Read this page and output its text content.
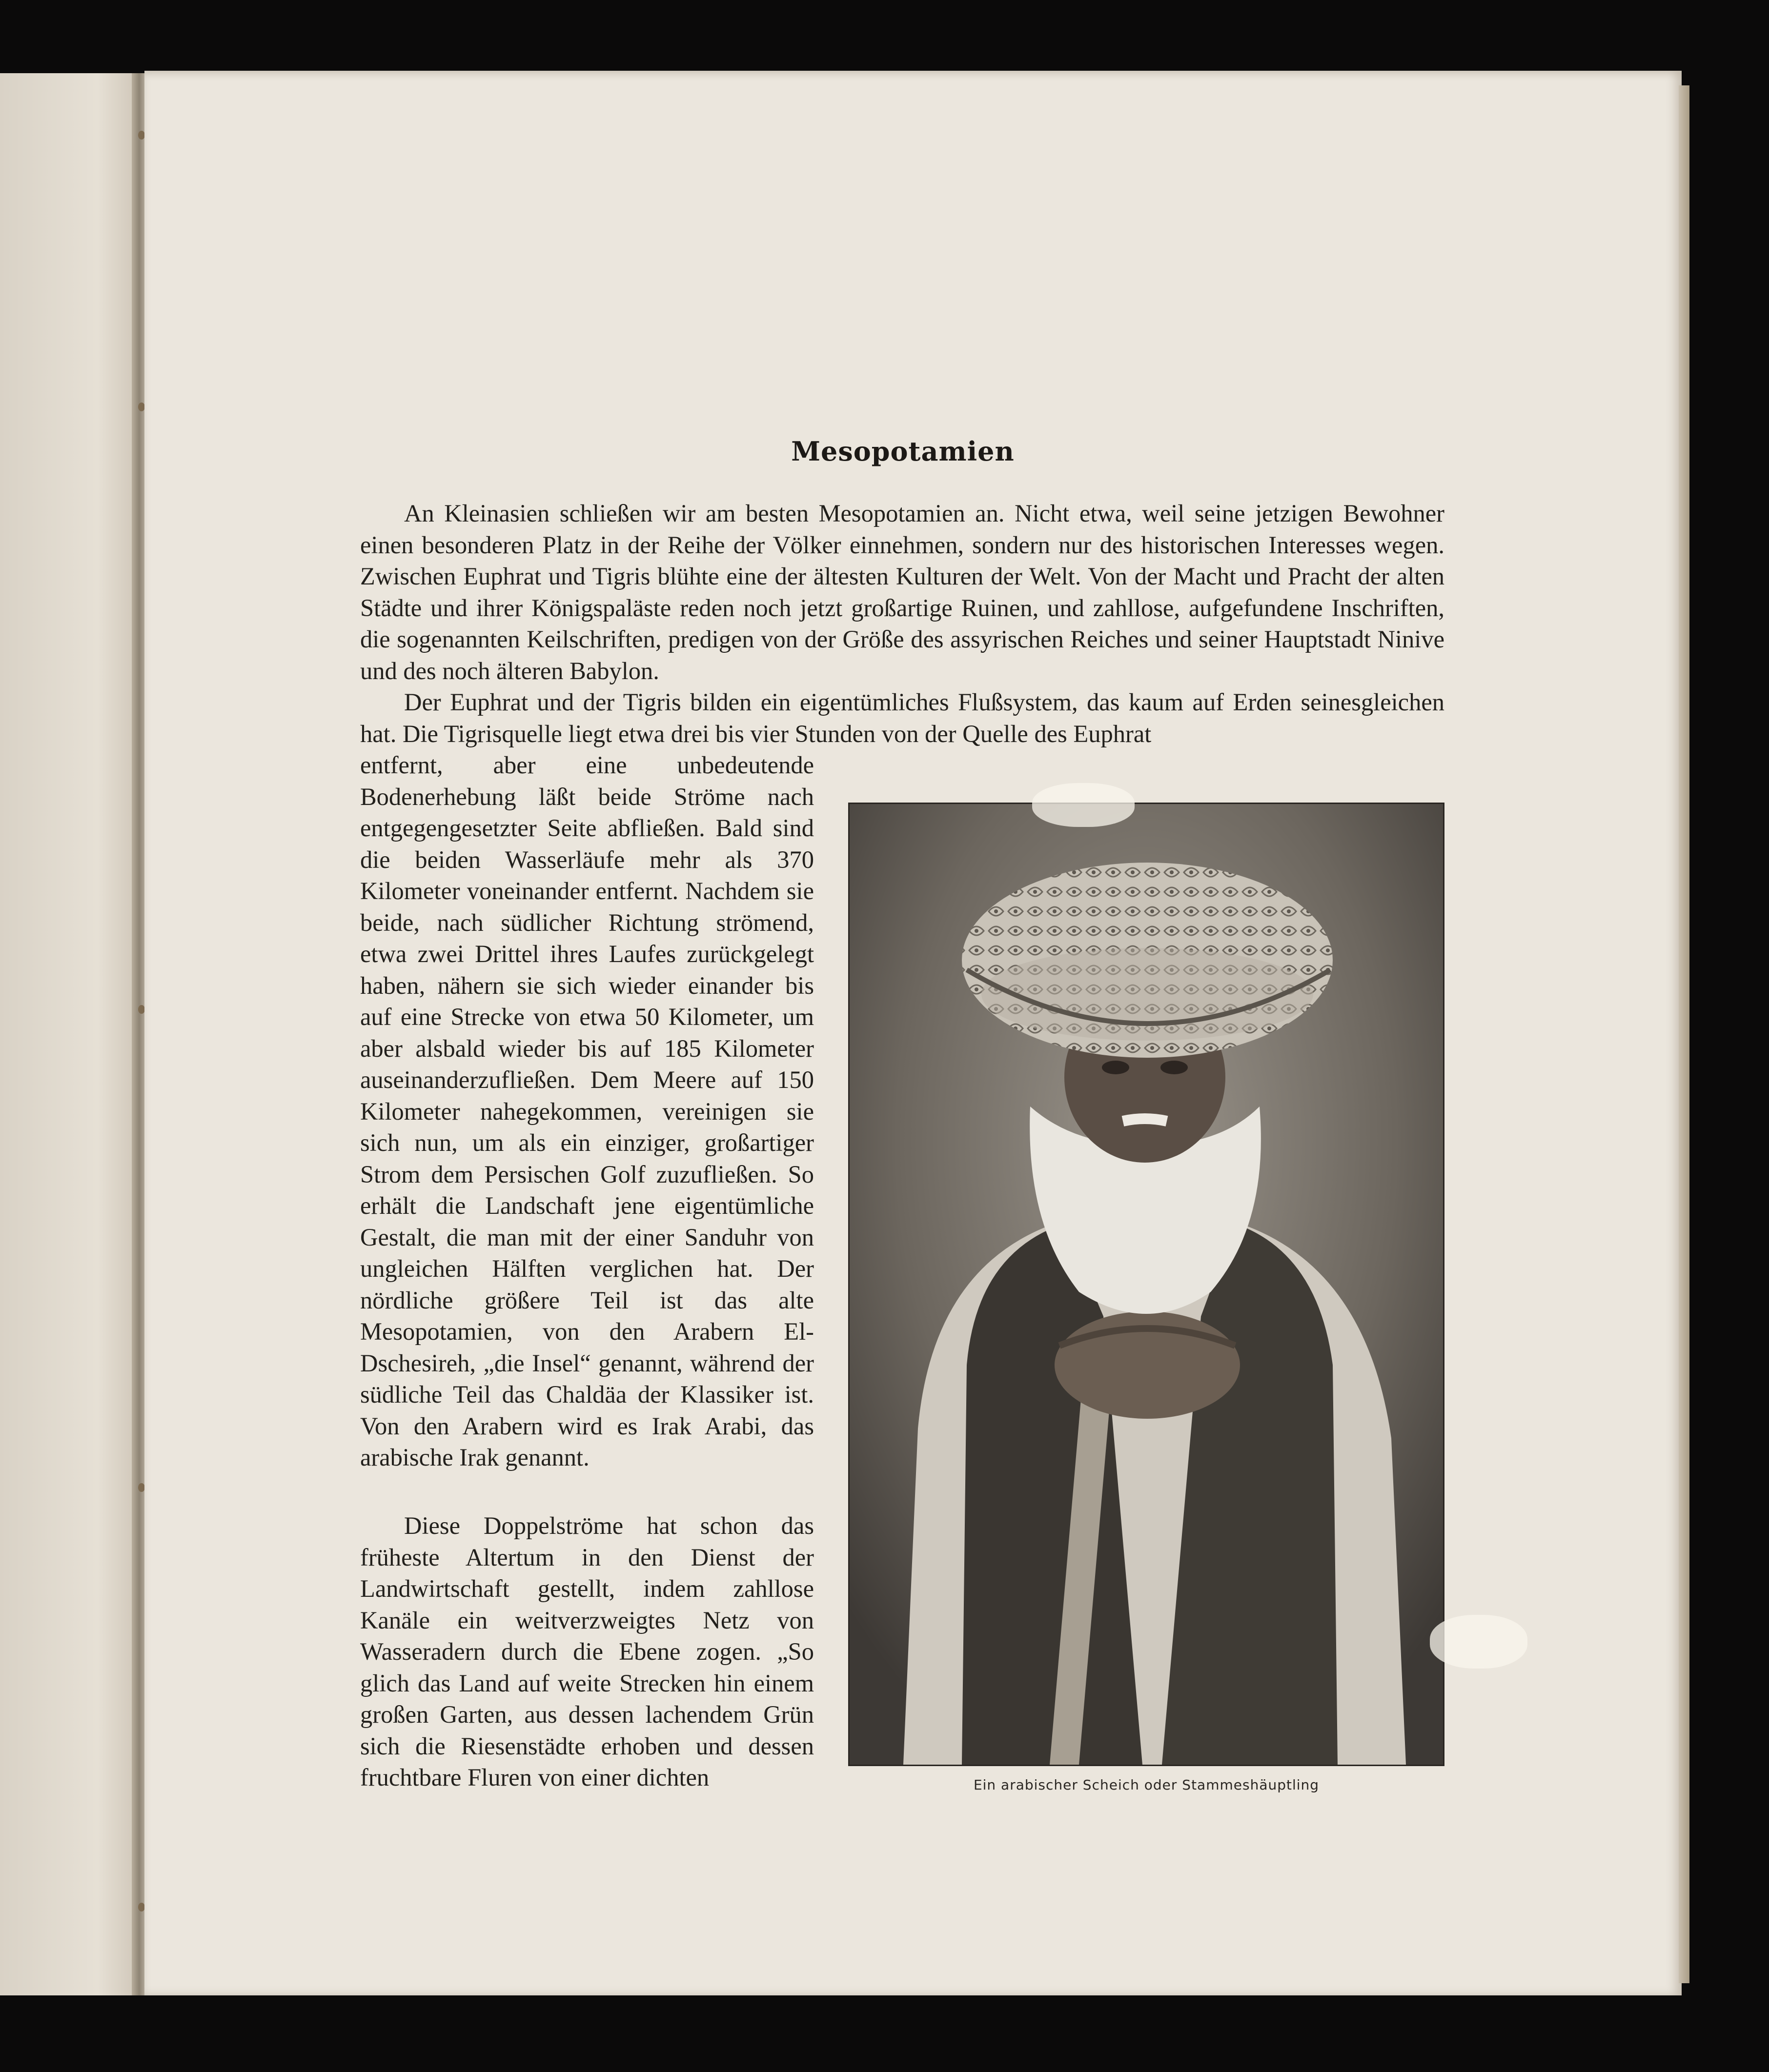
Mesopotamien

An Kleinasien schließen wir am besten Mesopotamien an. Nicht etwa, weil seine jetzigen Bewohner einen besonderen Platz in der Reihe der Völker einnehmen, sondern nur des historischen Interesses wegen. Zwischen Euphrat und Tigris blühte eine der ältesten Kulturen der Welt. Von der Macht und Pracht der alten Städte und ihrer Königspaläste reden noch jetzt großartige Ruinen, und zahllose, aufgefundene Inschriften, die sogenannten Keilschriften, predigen von der Größe des assyrischen Reiches und seiner Hauptstadt Ninive und des noch älteren Babylon.

Der Euphrat und der Tigris bilden ein eigentümliches Flußsystem, das kaum auf Erden seinesgleichen hat. Die Tigrisquelle liegt etwa drei bis vier Stunden von der Quelle des Euphrat

entfernt, aber eine unbedeutende Bodenerhebung läßt beide Ströme nach entgegengesetzter Seite abfließen. Bald sind die beiden Wasserläufe mehr als 370 Kilometer voneinander entfernt. Nachdem sie beide, nach südlicher Richtung strömend, etwa zwei Drittel ihres Laufes zurückgelegt haben, nähern sie sich wieder einander bis auf eine Strecke von etwa 50 Kilometer, um aber alsbald wieder bis auf 185 Kilometer auseinanderzufließen. Dem Meere auf 150 Kilometer nahegekommen, vereinigen sie sich nun, um als ein einziger, großartiger Strom dem Persischen Golf zuzufließen. So erhält die Landschaft jene eigentümliche Gestalt, die man mit der einer Sanduhr von ungleichen Hälften verglichen hat. Der nördliche größere Teil ist das alte Mesopotamien, von den Arabern El-Dschesireh, „die Insel“ genannt, während der südliche Teil das Chaldäa der Klassiker ist. Von den Arabern wird es Irak Arabi, das arabische Irak genannt.

Diese Doppelströme hat schon das früheste Altertum in den Dienst der Landwirtschaft gestellt, indem zahllose Kanäle ein weitverzweigtes Netz von Wasseradern durch die Ebene zogen. „So glich das Land auf weite Strecken hin einem großen Garten, aus dessen lachendem Grün sich die Riesenstädte erhoben und dessen fruchtbare Fluren von einer dichten	Ein arabischer Scheich oder Stammeshäuptling
